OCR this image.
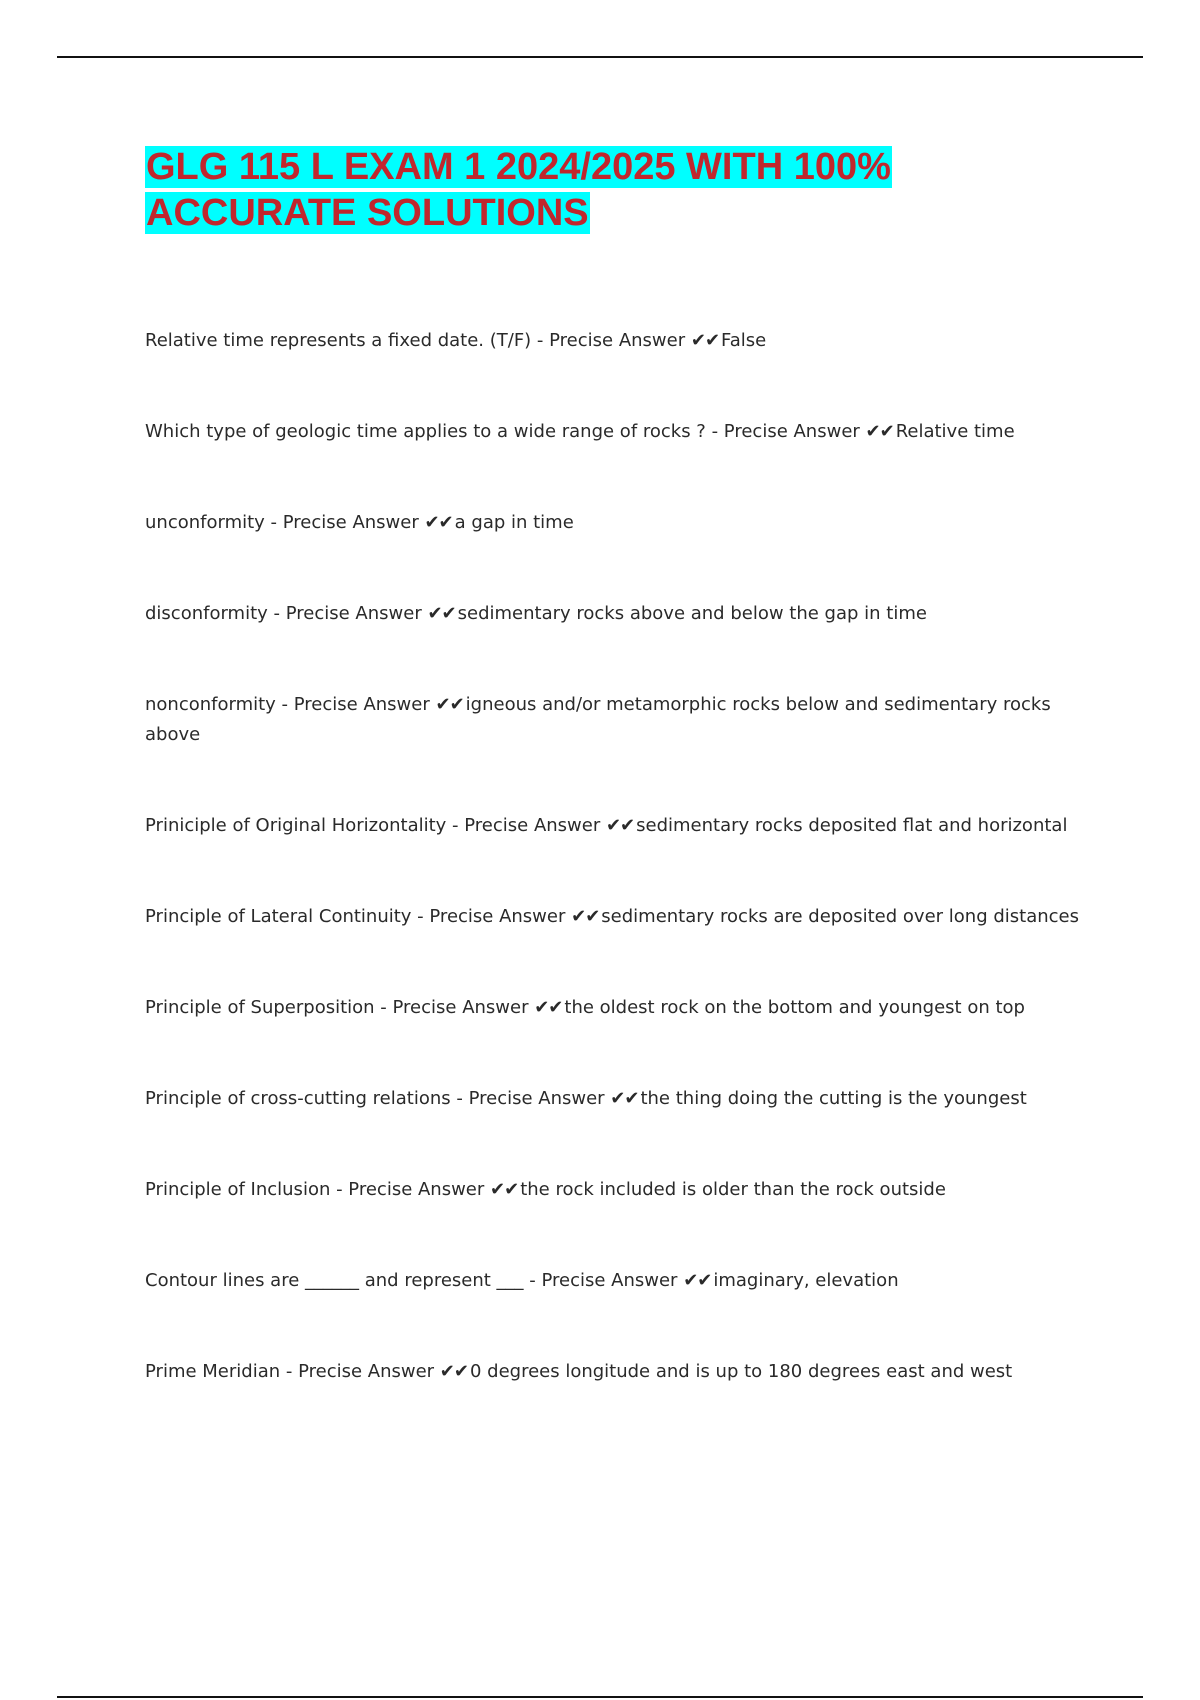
GLG 115 L EXAM 1 2024/2025 WITH 100%
ACCURATE SOLUTIONS
Relative time represents a fixed date. (T/F) - Precise Answer ✔✔ False
Which type of geologic time applies to a wide range of rocks ? - Precise Answer ✔✔ Relative time
unconformity - Precise Answer ✔✔ a gap in time
disconformity - Precise Answer ✔✔ sedimentary rocks above and below the gap in time
nonconformity - Precise Answer ✔✔ igneous and/or metamorphic rocks below and sedimentary rocks above
Priniciple of Original Horizontality - Precise Answer ✔✔ sedimentary rocks deposited flat and horizontal
Principle of Lateral Continuity - Precise Answer ✔✔ sedimentary rocks are deposited over long distances
Principle of Superposition - Precise Answer ✔✔ the oldest rock on the bottom and youngest on top
Principle of cross-cutting relations - Precise Answer ✔✔ the thing doing the cutting is the youngest
Principle of Inclusion - Precise Answer ✔✔ the rock included is older than the rock outside
Contour lines are ______ and represent ___ - Precise Answer ✔✔ imaginary, elevation
Prime Meridian - Precise Answer ✔✔ 0 degrees longitude and is up to 180 degrees east and west
